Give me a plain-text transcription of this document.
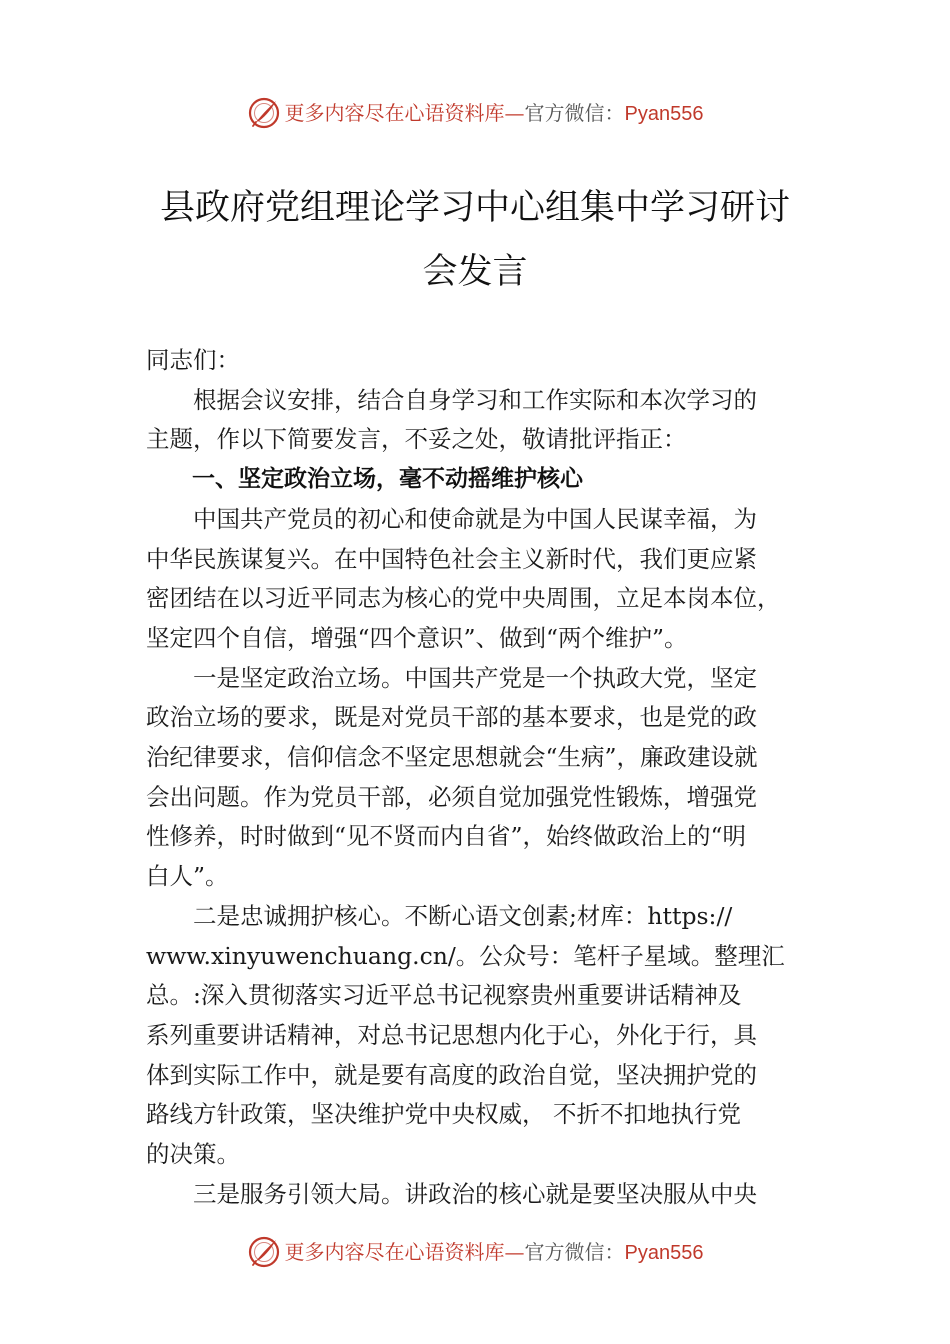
更多内容尽在心语资料库—官方微信：Pyan556
县政府党组理论学习中心组集中学习研讨
会发言
同志们：
　　根据会议安排，结合自身学习和工作实际和本次学习的
主题，作以下简要发言，不妥之处，敬请批评指正：
　　一、坚定政治立场，毫不动摇维护核心
　　中国共产党员的初心和使命就是为中国人民谋幸福，为
中华民族谋复兴。在中国特色社会主义新时代，我们更应紧
密团结在以习近平同志为核心的党中央周围，立足本岗本位，
坚定四个自信，增强“四个意识”、做到“两个维护”。
　　一是坚定政治立场。中国共产党是一个执政大党，坚定
政治立场的要求，既是对党员干部的基本要求，也是党的政
治纪律要求，信仰信念不坚定思想就会“生病”，廉政建设就
会出问题。作为党员干部，必须自觉加强党性锻炼，增强党
性修养，时时做到“见不贤而内自省”，始终做政治上的“明
白人”。
　　二是忠诚拥护核心。不断心语文创素;材库：https://
www.xinyuwenchuang.cn/。公众号：笔杆子星域。整理汇
总。:深入贯彻落实习近平总书记视察贵州重要讲话精神及
系列重要讲话精神，对总书记思想内化于心，外化于行，具
体到实际工作中，就是要有高度的政治自觉，坚决拥护党的
路线方针政策，坚决维护党中央权威， 不折不扣地执行党
的决策。
　　三是服务引领大局。讲政治的核心就是要坚决服从中央
更多内容尽在心语资料库—官方微信：Pyan556
